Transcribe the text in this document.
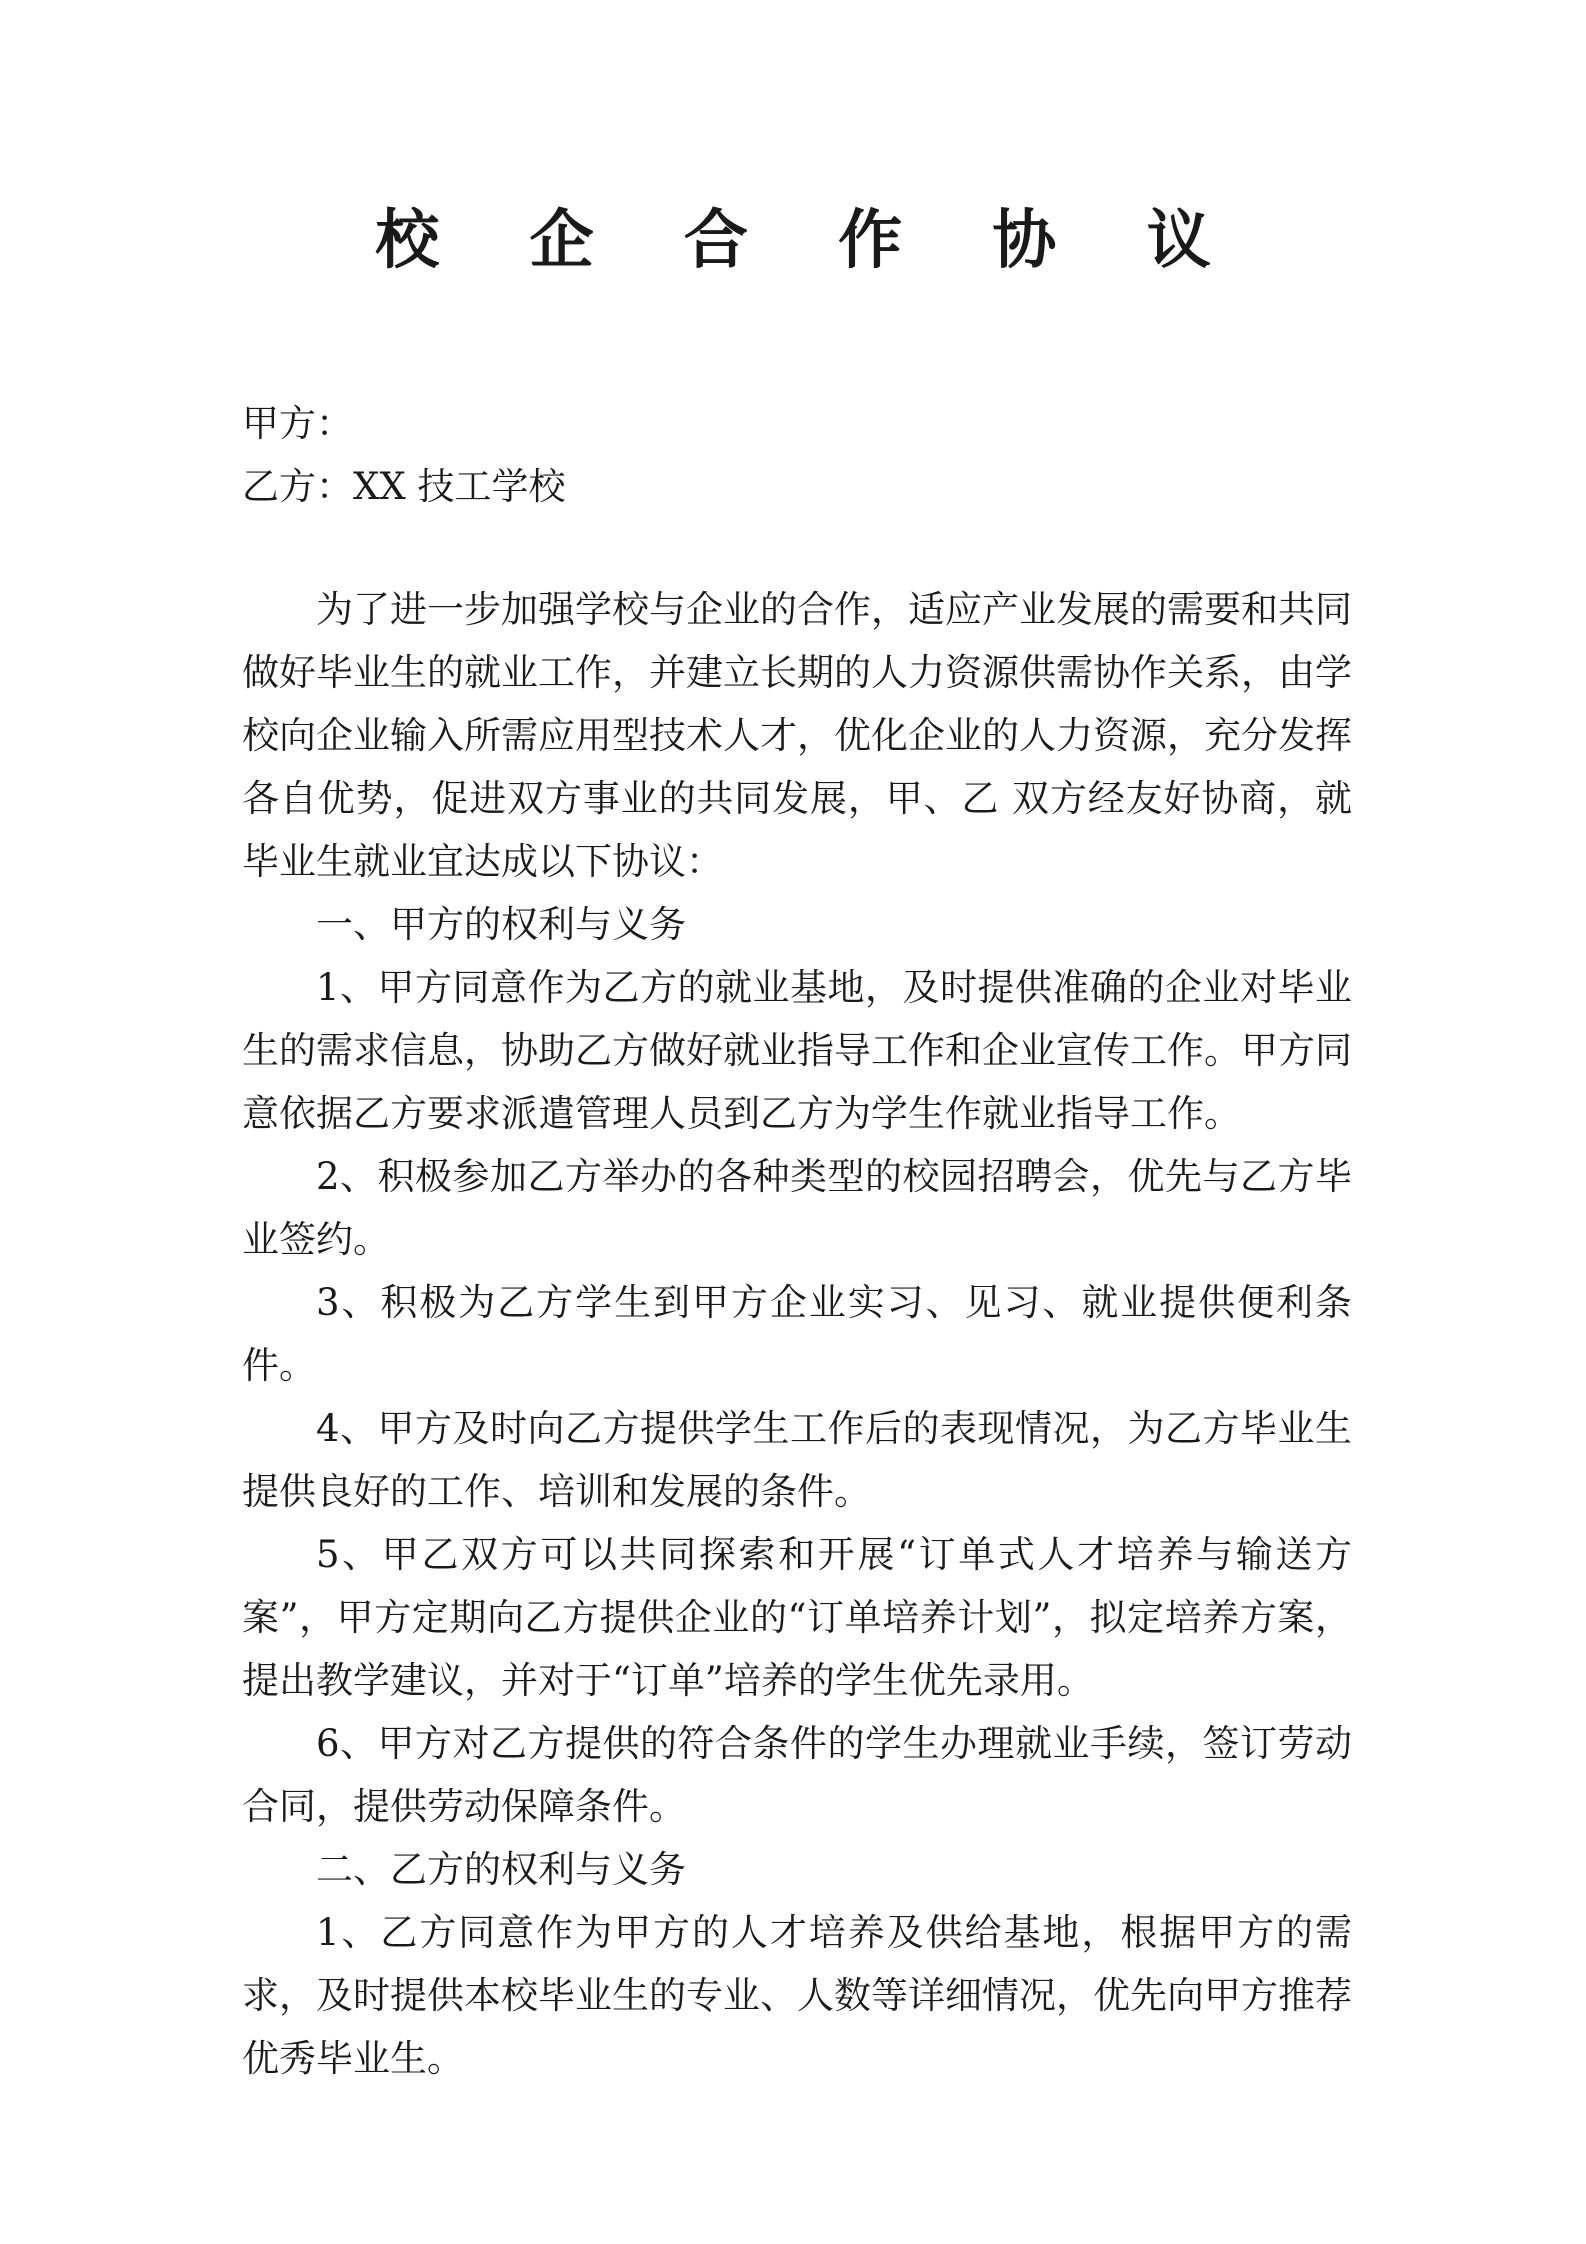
校 企 合 作 协 议
甲方：
乙方：XX 技工学校

为了进一步加强学校与企业的合作，适应产业发展的需要和共同做好毕业生的就业工作，并建立长期的人力资源供需协作关系，由学校向企业输入所需应用型技术人才，优化企业的人力资源，充分发挥各自优势，促进双方事业的共同发展，甲、乙 双方经友好协商，就毕业生就业宜达成以下协议：

一、甲方的权利与义务

1、甲方同意作为乙方的就业基地，及时提供准确的企业对毕业生的需求信息，协助乙方做好就业指导工作和企业宣传工作。甲方同意依据乙方要求派遣管理人员到乙方为学生作就业指导工作。

2、积极参加乙方举办的各种类型的校园招聘会，优先与乙方毕业签约。

3、积极为乙方学生到甲方企业实习、见习、就业提供便利条件。

4、甲方及时向乙方提供学生工作后的表现情况，为乙方毕业生提供良好的工作、培训和发展的条件。

5、甲乙双方可以共同探索和开展“订单式人才培养与输送方案”，甲方定期向乙方提供企业的“订单培养计划”，拟定培养方案，提出教学建议，并对于“订单”培养的学生优先录用。

6、甲方对乙方提供的符合条件的学生办理就业手续，签订劳动合同，提供劳动保障条件。

二、乙方的权利与义务

1、乙方同意作为甲方的人才培养及供给基地，根据甲方的需求，及时提供本校毕业生的专业、人数等详细情况，优先向甲方推荐优秀毕业生。
